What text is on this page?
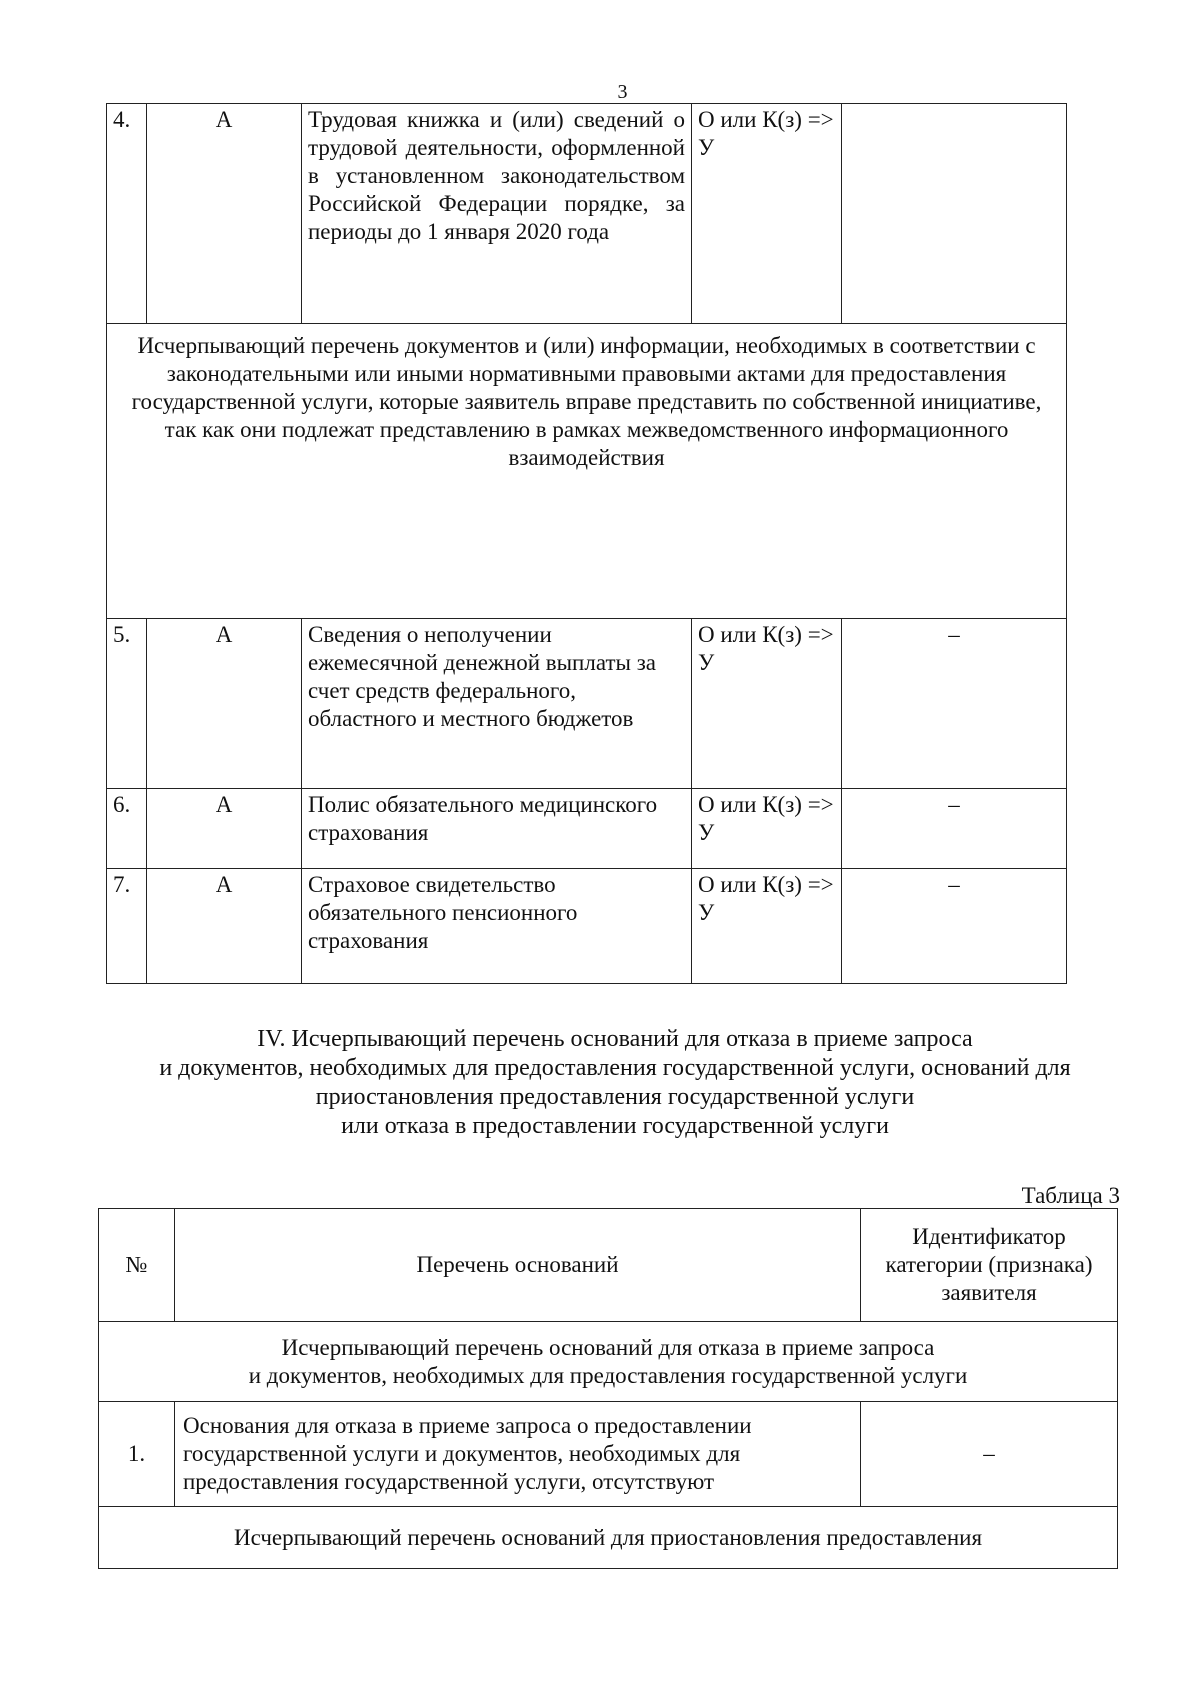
3
4.	А	Трудовая книжка и (или) сведений о трудовой деятельности, оформленной в установленном законодательством Российской Федерации порядке, за периоды до 1 января 2020 года	О или К(з) => У	
Исчерпывающий перечень документов и (или) информации, необходимых в соответствии с законодательными или иными нормативными правовыми актами для предоставления государственной услуги, которые заявитель вправе представить по собственной инициативе, так как они подлежат представлению в рамках межведомственного информационного взаимодействия				
5.	А	Сведения о неполучении ежемесячной денежной выплаты за счет средств федерального, областного и местного бюджетов	О или К(з) => У	–
6.	А	Полис обязательного медицинского страхования	О или К(з) => У	–
7.	А	Страховое свидетельство обязательного пенсионного страхования	О или К(з) => У	–
IV. Исчерпывающий перечень оснований для отказа в приеме запроса
и документов, необходимых для предоставления государственной услуги, оснований для
приостановления предоставления государственной услуги
или отказа в предоставлении государственной услуги
Таблица 3
№	Перечень оснований	Идентификатор категории (признака) заявителя

Исчерпывающий перечень оснований для отказа в приеме запроса
и документов, необходимых для предоставления государственной услуги		

1.	Основания для отказа в приеме запроса о предоставлении государственной услуги и документов, необходимых для предоставления государственной услуги, отсутствуют	–
Исчерпывающий перечень оснований для приостановления предоставления		
